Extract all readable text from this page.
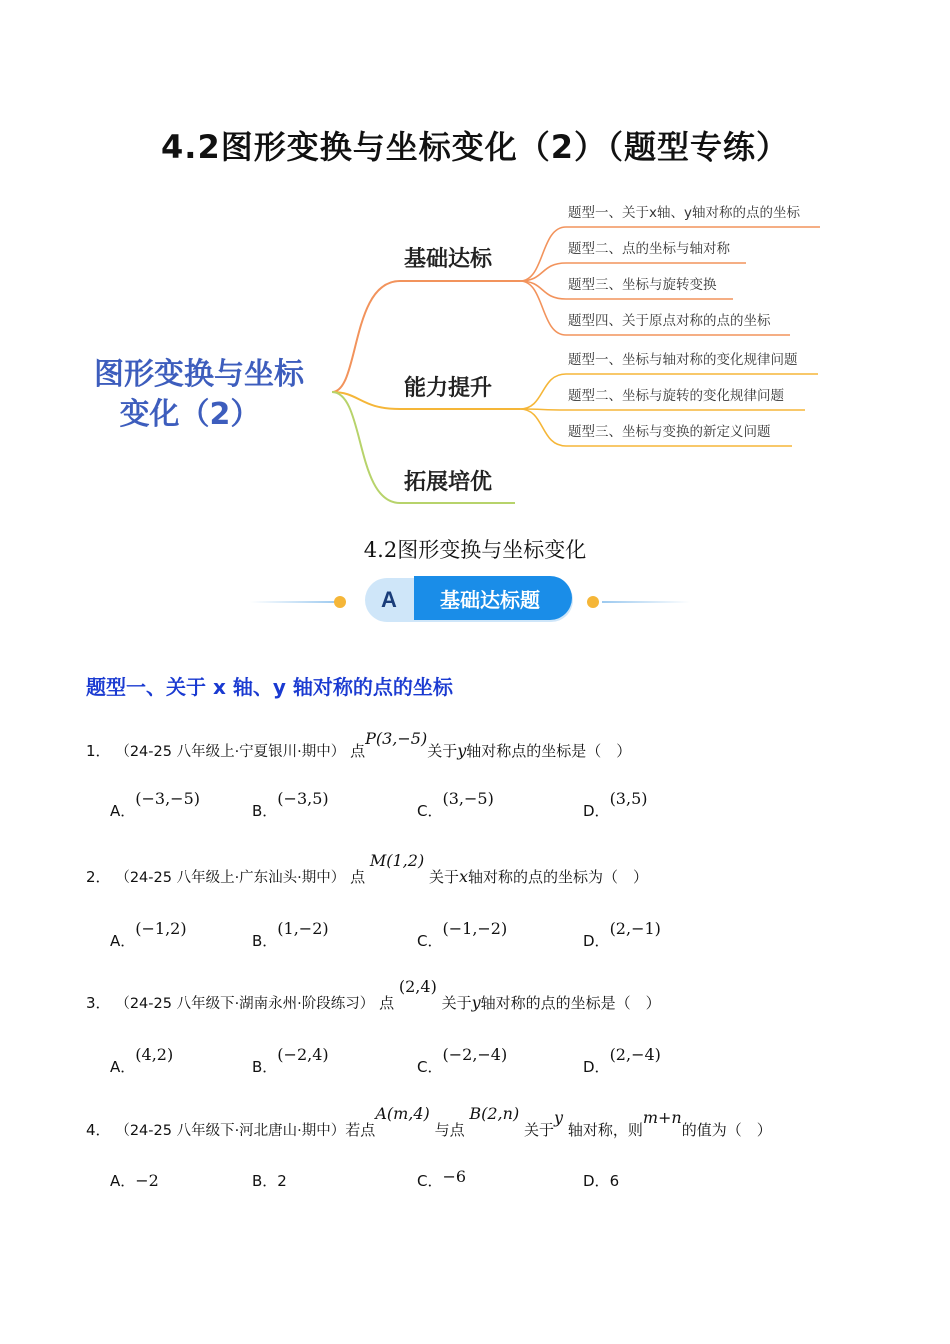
4.2图形变换与坐标变化（2）（题型专练）
图形变换与坐标
变化（2）
基础达标
能力提升
拓展培优
题型一、关于x轴、y轴对称的点的坐标
题型二、点的坐标与轴对称
题型三、坐标与旋转变换
题型四、关于原点对称的点的坐标
题型一、坐标与轴对称的变化规律问题
题型二、坐标与旋转的变化规律问题
题型三、坐标与变换的新定义问题
4.2图形变换与坐标变化
A 基础达标题
题型一、关于 x 轴、y 轴对称的点的坐标
1． （24-25 八年级上·宁夏银川·期中） 点P(3,−5)关于y轴对称点的坐标是（　）
A．(−3,−5)
B．(−3,5)
C．(3,−5)
D．(3,5)
2． （24-25 八年级上·广东汕头·期中） 点 M(1,2) 关于x轴对称的点的坐标为（　）
A．(−1,2)
B．(1,−2)
C．(−1,−2)
D．(2,−1)
3． （24-25 八年级下·湖南永州·阶段练习） 点 (2,4) 关于y轴对称的点的坐标是（　）
A．(4,2)
B．(−2,4)
C．(−2,−4)
D．(2,−4)
4． （24-25 八年级下·河北唐山·期中）若点A(m,4) 与点 B(2,n) 关于y 轴对称，则m+n的值为（　）
A．−2	B．2	C．−6	D．6
